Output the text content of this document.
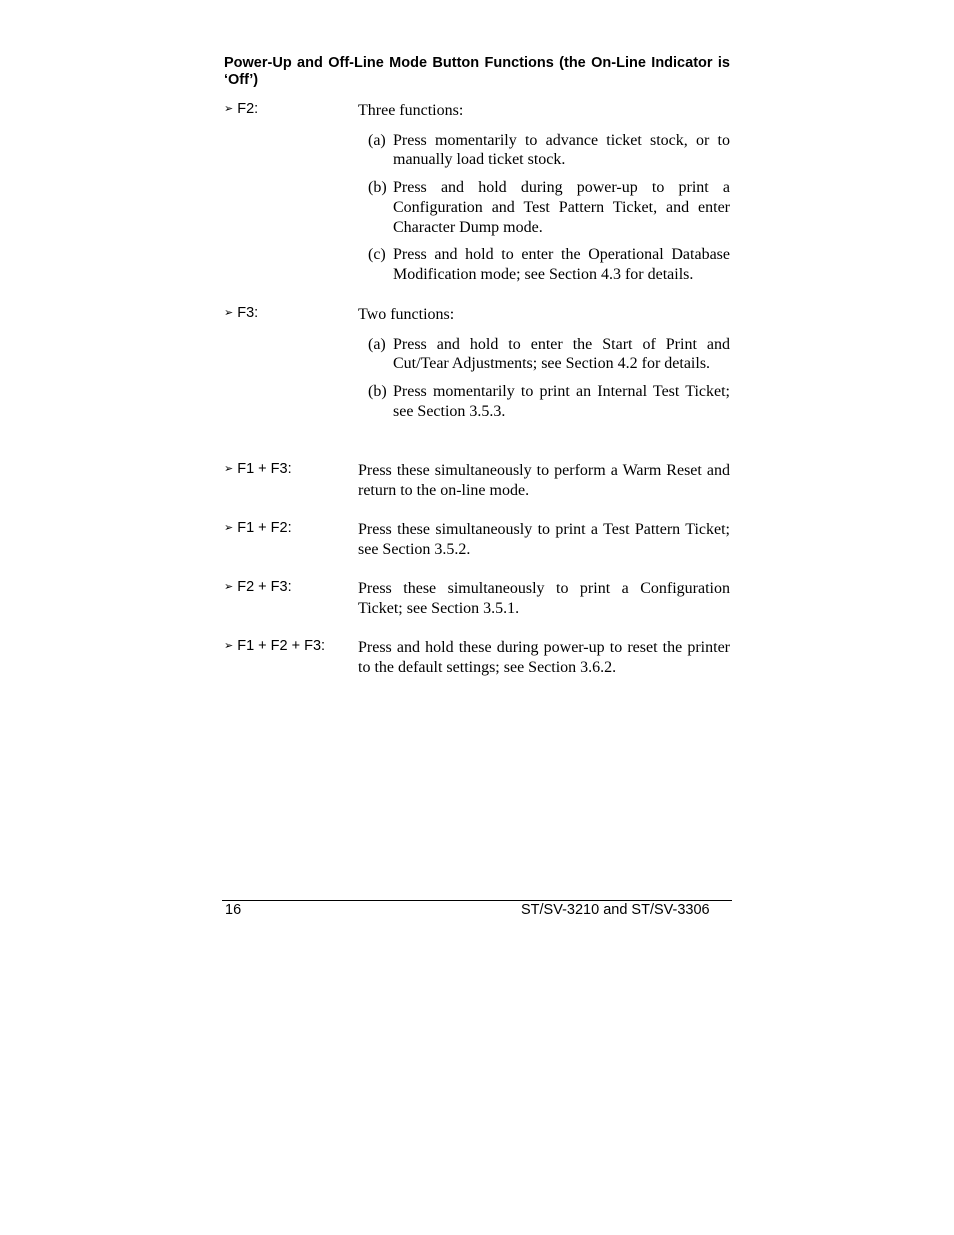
Power-Up and Off-Line Mode Button Functions (the On-Line Indicator is ‘Off’)
➢ F2:	Three functions:

(a) Press momentarily to advance ticket stock, or to manually load ticket stock.

(b) Press and hold during power-up to print a Configuration and Test Pattern Ticket, and enter Character Dump mode.

(c) Press and hold to enter the Operational Database Modification mode; see Section 4.3 for details.

➢ F3:	Two functions:

(a) Press and hold to enter the Start of Print and Cut/Tear Adjustments; see Section 4.2 for details.

(b) Press momentarily to print an Internal Test Ticket; see Section 3.5.3.

➢ F1 + F3:	Press these simultaneously to perform a Warm Reset and return to the on-line mode.

➢ F1 + F2:	Press these simultaneously to print a Test Pattern Ticket; see Section 3.5.2.

➢ F2 + F3:	Press these simultaneously to print a Configuration Ticket; see Section 3.5.1.

➢ F1 + F2 + F3: Press and hold these during power-up to reset the printer to the default settings; see Section 3.6.2.

16	ST/SV-3210 and ST/SV-3306
